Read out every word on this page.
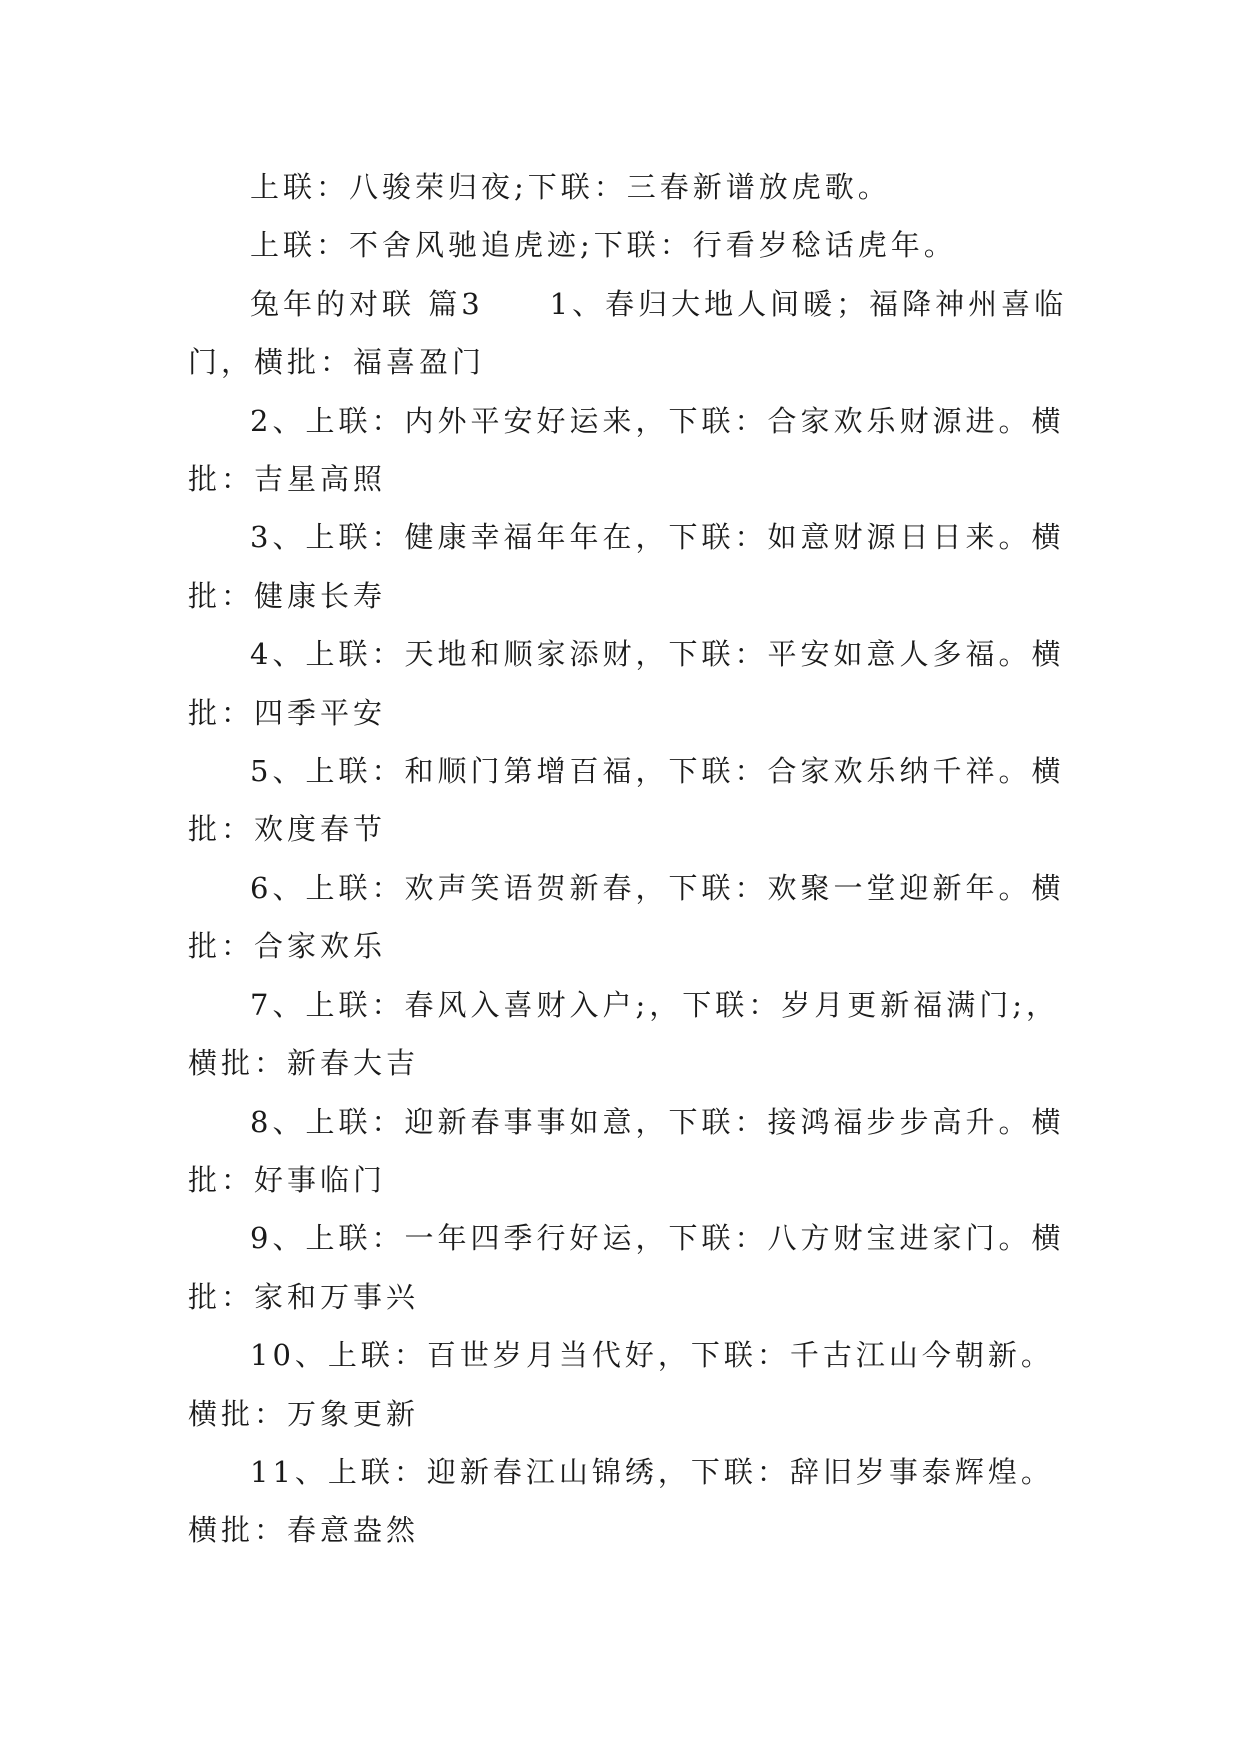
上联：八骏荣归夜;下联：三春新谱放虎歌。

上联：不舍风驰追虎迹;下联：行看岁稔话虎年。

兔年的对联 篇3　　1、春归大地人间暖；福降神州喜临门，横批：福喜盈门

2、上联：内外平安好运来，下联：合家欢乐财源进。横批：吉星高照

3、上联：健康幸福年年在，下联：如意财源日日来。横批：健康长寿

4、上联：天地和顺家添财，下联：平安如意人多福。横批：四季平安

5、上联：和顺门第增百福，下联：合家欢乐纳千祥。横批：欢度春节

6、上联：欢声笑语贺新春，下联：欢聚一堂迎新年。横批：合家欢乐

7、上联：春风入喜财入户;，下联：岁月更新福满门;，横批：新春大吉

8、上联：迎新春事事如意，下联：接鸿福步步高升。横批：好事临门

9、上联：一年四季行好运，下联：八方财宝进家门。横批：家和万事兴

10、上联：百世岁月当代好，下联：千古江山今朝新。横批：万象更新

11、上联：迎新春江山锦绣，下联：辞旧岁事泰辉煌。横批：春意盎然
